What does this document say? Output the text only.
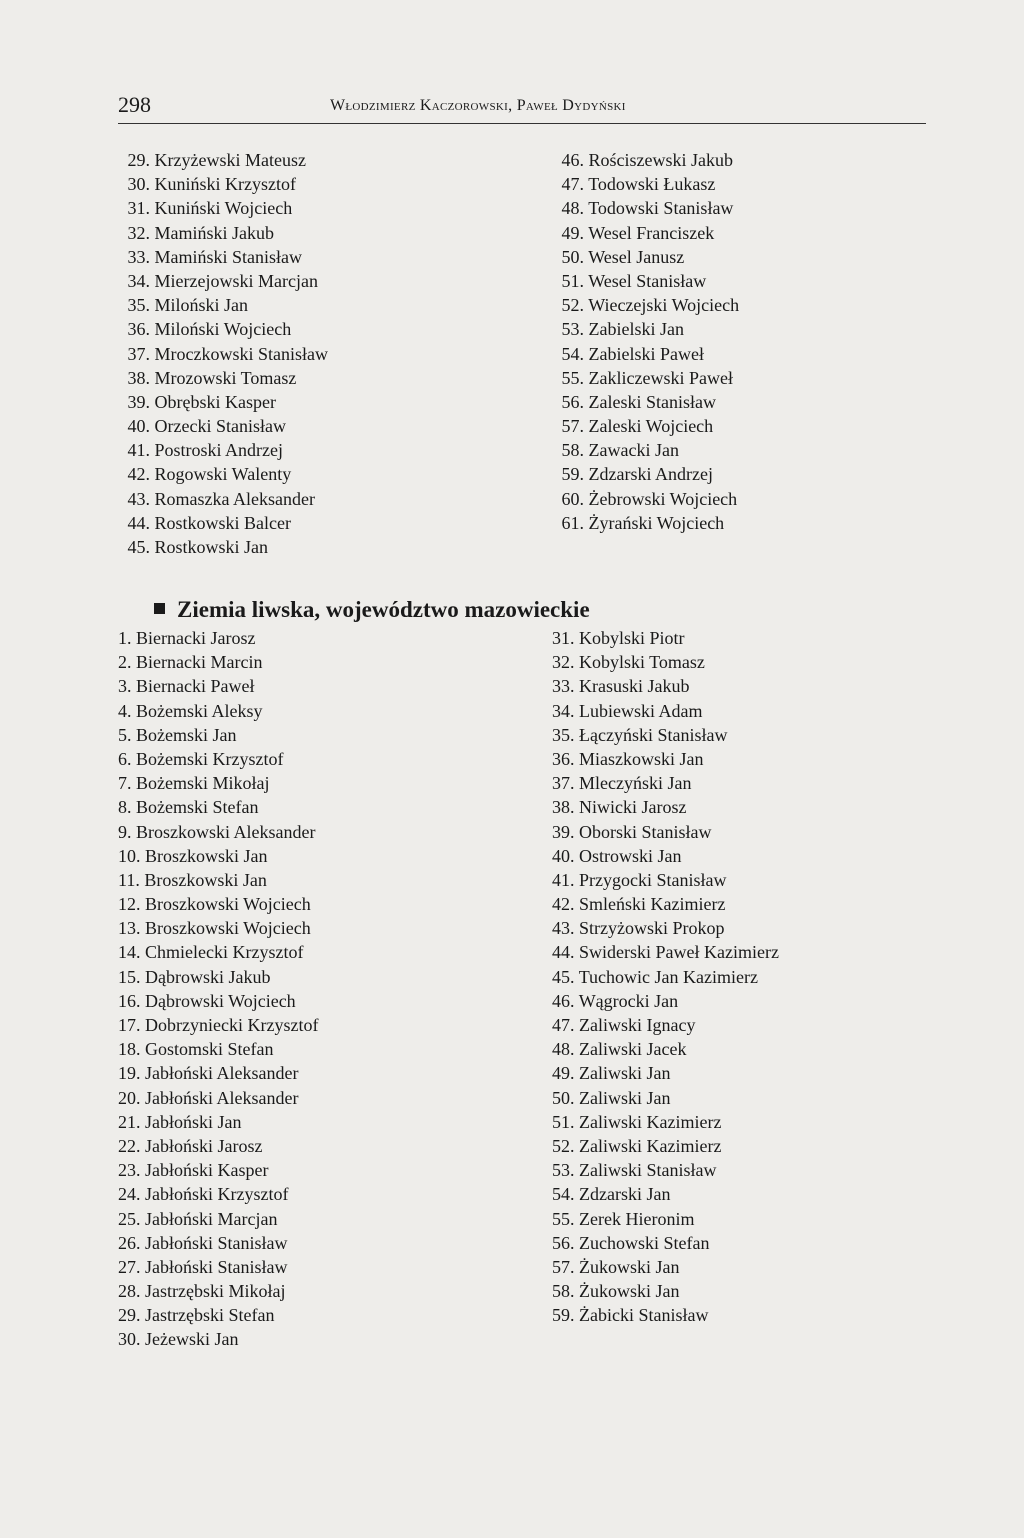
298	Włodzimierz Kaczorowski, Paweł Dydyński
29. Krzyżewski Mateusz
30. Kuniński Krzysztof
31. Kuniński Wojciech
32. Mamiński Jakub
33. Mamiński Stanisław
34. Mierzejowski Marcjan
35. Miloński Jan
36. Miloński Wojciech
37. Mroczkowski Stanisław
38. Mrozowski Tomasz
39. Obrębski Kasper
40. Orzecki Stanisław
41. Postroski Andrzej
42. Rogowski Walenty
43. Romaszka Aleksander
44. Rostkowski Balcer
45. Rostkowski Jan
46. Rościszewski Jakub
47. Todowski Łukasz
48. Todowski Stanisław
49. Wesel Franciszek
50. Wesel Janusz
51. Wesel Stanisław
52. Wieczejski Wojciech
53. Zabielski Jan
54. Zabielski Paweł
55. Zakliczewski Paweł
56. Zaleski Stanisław
57. Zaleski Wojciech
58. Zawacki Jan
59. Zdzarski Andrzej
60. Żebrowski Wojciech
61. Żyrański Wojciech
Ziemia liwska, województwo mazowieckie
1. Biernacki Jarosz
2. Biernacki Marcin
3. Biernacki Paweł
4. Bożemski Aleksy
5. Bożemski Jan
6. Bożemski Krzysztof
7. Bożemski Mikołaj
8. Bożemski Stefan
9. Broszkowski Aleksander
10. Broszkowski Jan
11. Broszkowski Jan
12. Broszkowski Wojciech
13. Broszkowski Wojciech
14. Chmielecki Krzysztof
15. Dąbrowski Jakub
16. Dąbrowski Wojciech
17. Dobrzyniecki Krzysztof
18. Gostomski Stefan
19. Jabłoński Aleksander
20. Jabłoński Aleksander
21. Jabłoński Jan
22. Jabłoński Jarosz
23. Jabłoński Kasper
24. Jabłoński Krzysztof
25. Jabłoński Marcjan
26. Jabłoński Stanisław
27. Jabłoński Stanisław
28. Jastrzębski Mikołaj
29. Jastrzębski Stefan
30. Jeżewski Jan
31. Kobylski Piotr
32. Kobylski Tomasz
33. Krasuski Jakub
34. Lubiewski Adam
35. Łączyński Stanisław
36. Miaszkowski Jan
37. Mleczyński Jan
38. Niwicki Jarosz
39. Oborski Stanisław
40. Ostrowski Jan
41. Przygocki Stanisław
42. Smleński Kazimierz
43. Strzyżowski Prokop
44. Swiderski Paweł Kazimierz
45. Tuchowic Jan Kazimierz
46. Wągrocki Jan
47. Zaliwski Ignacy
48. Zaliwski Jacek
49. Zaliwski Jan
50. Zaliwski Jan
51. Zaliwski Kazimierz
52. Zaliwski Kazimierz
53. Zaliwski Stanisław
54. Zdzarski Jan
55. Zerek Hieronim
56. Zuchowski Stefan
57. Żukowski Jan
58. Żukowski Jan
59. Żabicki Stanisław
